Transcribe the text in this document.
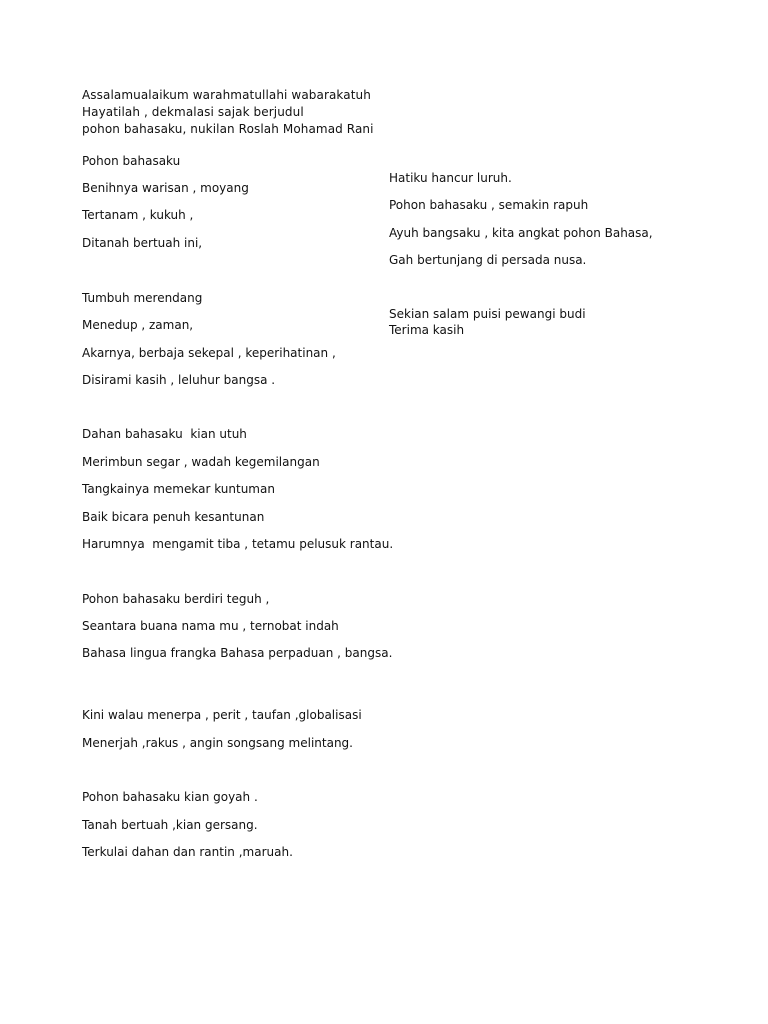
Assalamualaikum warahmatullahi wabarakatuh
Hayatilah , dekmalasi sajak berjudul
pohon bahasaku, nukilan Roslah Mohamad Rani
Pohon bahasaku
Benihnya warisan , moyang
Tertanam , kukuh ,
Ditanah bertuah ini,
Tumbuh merendang
Menedup , zaman,
Akarnya, berbaja sekepal , keperihatinan ,
Disirami kasih , leluhur bangsa .
Dahan bahasaku  kian utuh
Merimbun segar , wadah kegemilangan
Tangkainya memekar kuntuman
Baik bicara penuh kesantunan
Harumnya  mengamit tiba , tetamu pelusuk rantau.
Pohon bahasaku berdiri teguh ,
Seantara buana nama mu , ternobat indah
Bahasa lingua frangka Bahasa perpaduan , bangsa.
Kini walau menerpa , perit , taufan ,globalisasi
Menerjah ,rakus , angin songsang melintang.
Pohon bahasaku kian goyah .
Tanah bertuah ,kian gersang.
Terkulai dahan dan rantin ,maruah.
Hatiku hancur luruh.
Pohon bahasaku , semakin rapuh
Ayuh bangsaku , kita angkat pohon Bahasa,
Gah bertunjang di persada nusa.
Sekian salam puisi pewangi budi
Terima kasih
